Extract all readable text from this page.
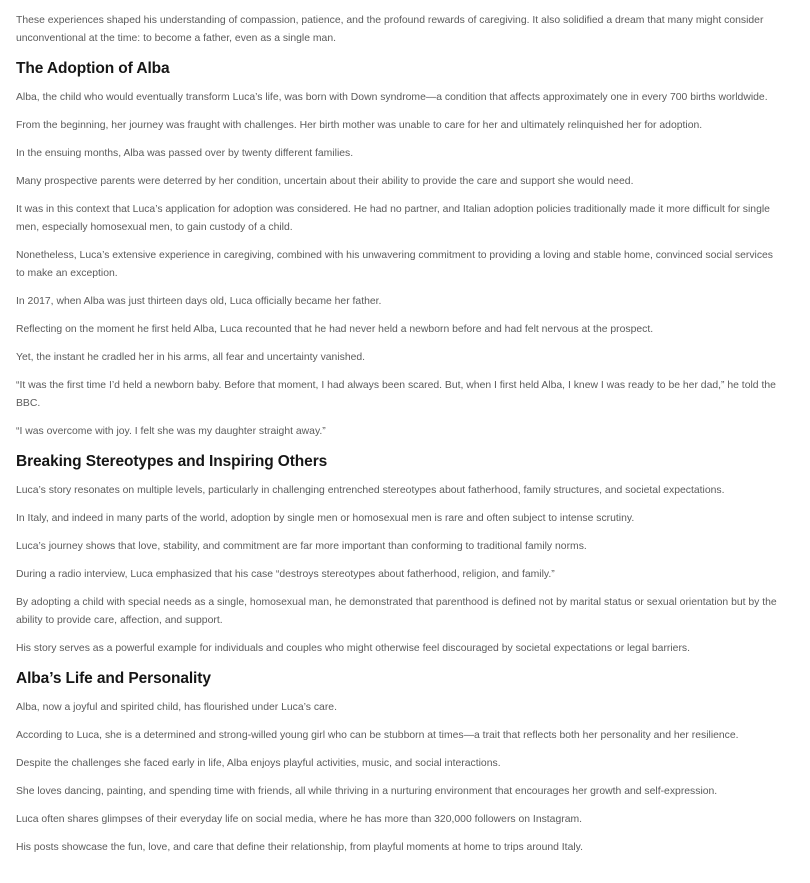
These experiences shaped his understanding of compassion, patience, and the profound rewards of caregiving. It also solidified a dream that many might consider unconventional at the time: to become a father, even as a single man.

The Adoption of Alba

Alba, the child who would eventually transform Luca’s life, was born with Down syndrome—a condition that affects approximately one in every 700 births worldwide.

From the beginning, her journey was fraught with challenges. Her birth mother was unable to care for her and ultimately relinquished her for adoption.

In the ensuing months, Alba was passed over by twenty different families.

Many prospective parents were deterred by her condition, uncertain about their ability to provide the care and support she would need.

It was in this context that Luca’s application for adoption was considered. He had no partner, and Italian adoption policies traditionally made it more difficult for single men, especially homosexual men, to gain custody of a child.

Nonetheless, Luca’s extensive experience in caregiving, combined with his unwavering commitment to providing a loving and stable home, convinced social services to make an exception.

In 2017, when Alba was just thirteen days old, Luca officially became her father.

Reflecting on the moment he first held Alba, Luca recounted that he had never held a newborn before and had felt nervous at the prospect.

Yet, the instant he cradled her in his arms, all fear and uncertainty vanished.

“It was the first time I’d held a newborn baby. Before that moment, I had always been scared. But, when I first held Alba, I knew I was ready to be her dad,” he told the BBC.

“I was overcome with joy. I felt she was my daughter straight away.”

Breaking Stereotypes and Inspiring Others

Luca’s story resonates on multiple levels, particularly in challenging entrenched stereotypes about fatherhood, family structures, and societal expectations.

In Italy, and indeed in many parts of the world, adoption by single men or homosexual men is rare and often subject to intense scrutiny.

Luca’s journey shows that love, stability, and commitment are far more important than conforming to traditional family norms.

During a radio interview, Luca emphasized that his case “destroys stereotypes about fatherhood, religion, and family.”

By adopting a child with special needs as a single, homosexual man, he demonstrated that parenthood is defined not by marital status or sexual orientation but by the ability to provide care, affection, and support.

His story serves as a powerful example for individuals and couples who might otherwise feel discouraged by societal expectations or legal barriers.

Alba’s Life and Personality

Alba, now a joyful and spirited child, has flourished under Luca’s care.

According to Luca, she is a determined and strong-willed young girl who can be stubborn at times—a trait that reflects both her personality and her resilience.

Despite the challenges she faced early in life, Alba enjoys playful activities, music, and social interactions.

She loves dancing, painting, and spending time with friends, all while thriving in a nurturing environment that encourages her growth and self-expression.

Luca often shares glimpses of their everyday life on social media, where he has more than 320,000 followers on Instagram.

His posts showcase the fun, love, and care that define their relationship, from playful moments at home to trips around Italy.
